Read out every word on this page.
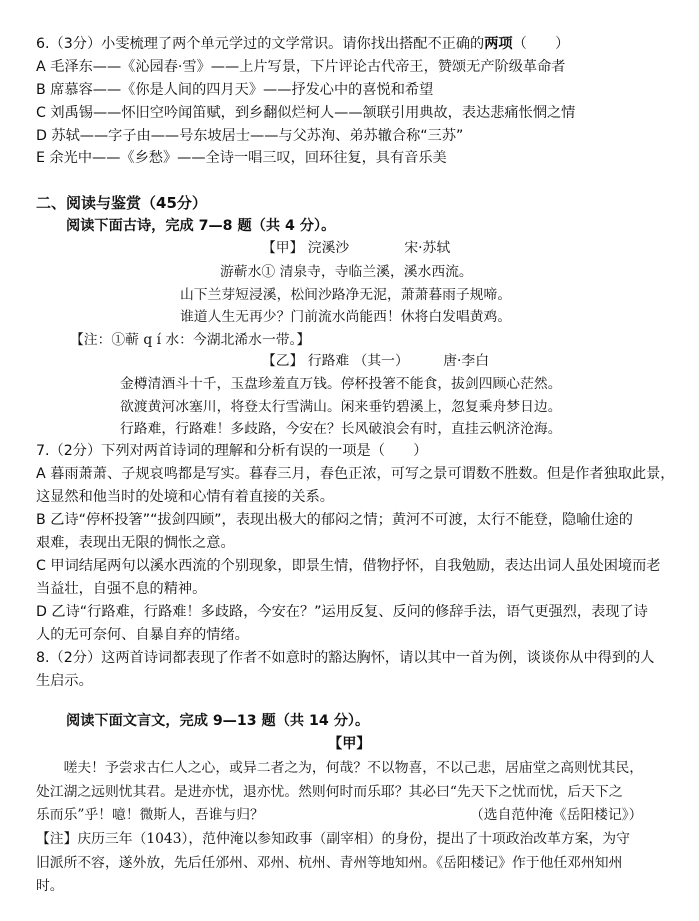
6.（3分）小雯梳理了两个单元学过的文学常识。请你找出搭配不正确的两项（　　）
A 毛泽东——《沁园春·雪》——上片写景，下片评论古代帝王，赞颂无产阶级革命者
B 席慕容——《你是人间的四月天》——抒发心中的喜悦和希望
C 刘禹锡——怀旧空吟闻笛赋，到乡翻似烂柯人——颔联引用典故，表达悲痛怅惘之情
D 苏轼——字子由——号东坡居士——与父苏洵、弟苏辙合称“三苏”
E 余光中——《乡愁》——全诗一唱三叹，回环往复，具有音乐美
二、阅读与鉴赏（45分）
阅读下面古诗，完成 7—8 题（共 4 分）。
【甲】 浣溪沙　　　　宋·苏轼
游蕲水① 清泉寺，寺临兰溪，溪水西流。
山下兰芽短浸溪，松间沙路净无泥，萧萧暮雨子规啼。
谁道人生无再少？门前流水尚能西！休将白发唱黄鸡。
【注：①蕲 q í 水：今湖北浠水一带。】
【乙】 行路难 （其一）　　　唐·李白
金樽清酒斗十千，玉盘珍羞直万钱。停杯投箸不能食，拔剑四顾心茫然。
欲渡黄河冰塞川，将登太行雪满山。闲来垂钓碧溪上，忽复乘舟梦日边。
行路难，行路难！多歧路，今安在？长风破浪会有时，直挂云帆济沧海。
7.（2分）下列对两首诗词的理解和分析有误的一项是（　　）
A 暮雨萧萧、子规哀鸣都是写实。暮春三月，春色正浓，可写之景可谓数不胜数。但是作者独取此景，
这显然和他当时的处境和心情有着直接的关系。
B 乙诗“停杯投箸”“拔剑四顾”，表现出极大的郁闷之情；黄河不可渡，太行不能登，隐喻仕途的
艰难，表现出无限的惆怅之意。
C 甲词结尾两句以溪水西流的个别现象，即景生情，借物抒怀，自我勉励，表达出词人虽处困境而老
当益壮，自强不息的精神。
D 乙诗“行路难，行路难！多歧路，今安在？”运用反复、反问的修辞手法，语气更强烈，表现了诗
人的无可奈何、自暴自弃的情绪。
8.（2分）这两首诗词都表现了作者不如意时的豁达胸怀，请以其中一首为例，谈谈你从中得到的人
生启示。
阅读下面文言文，完成 9—13 题（共 14 分）。
【甲】
　　嗟夫！予尝求古仁人之心，或异二者之为，何哉？不以物喜，不以己悲，居庙堂之高则忧其民，
处江湖之远则忧其君。是进亦忧，退亦忧。然则何时而乐耶？其必曰“先天下之忧而忧，后天下之
乐而乐”乎！噫！微斯人，吾谁与归？	（选自范仲淹《岳阳楼记》）
【注】庆历三年（1043），范仲淹以参知政事（副宰相）的身份，提出了十项政治改革方案，为守
旧派所不容，遂外放，先后任邠州、邓州、杭州、青州等地知州。《岳阳楼记》作于他任邓州知州
时。
